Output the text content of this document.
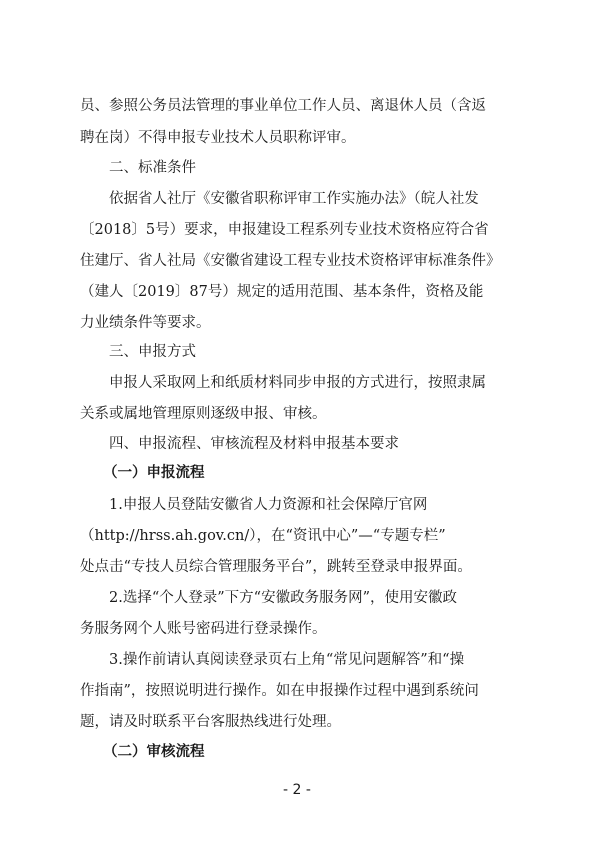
员、参照公务员法管理的事业单位工作人员、离退休人员（含返
聘在岗）不得申报专业技术人员职称评审。
二、标准条件
依据省人社厅《安徽省职称评审工作实施办法》（皖人社发
〔2018〕5号）要求，申报建设工程系列专业技术资格应符合省
住建厅、省人社局《安徽省建设工程专业技术资格评审标准条件》
（建人〔2019〕87号）规定的适用范围、基本条件，资格及能
力业绩条件等要求。
三、申报方式
申报人采取网上和纸质材料同步申报的方式进行，按照隶属
关系或属地管理原则逐级申报、审核。
四、申报流程、审核流程及材料申报基本要求
（一）申报流程
1.申报人员登陆安徽省人力资源和社会保障厅官网
（http://hrss.ah.gov.cn/），在“资讯中心”—“专题专栏”
处点击“专技人员综合管理服务平台”，跳转至登录申报界面。
2.选择“个人登录”下方“安徽政务服务网”，使用安徽政
务服务网个人账号密码进行登录操作。
3.操作前请认真阅读登录页右上角“常见问题解答”和“操
作指南”，按照说明进行操作。如在申报操作过程中遇到系统问
题，请及时联系平台客服热线进行处理。
（二）审核流程
- 2 -
